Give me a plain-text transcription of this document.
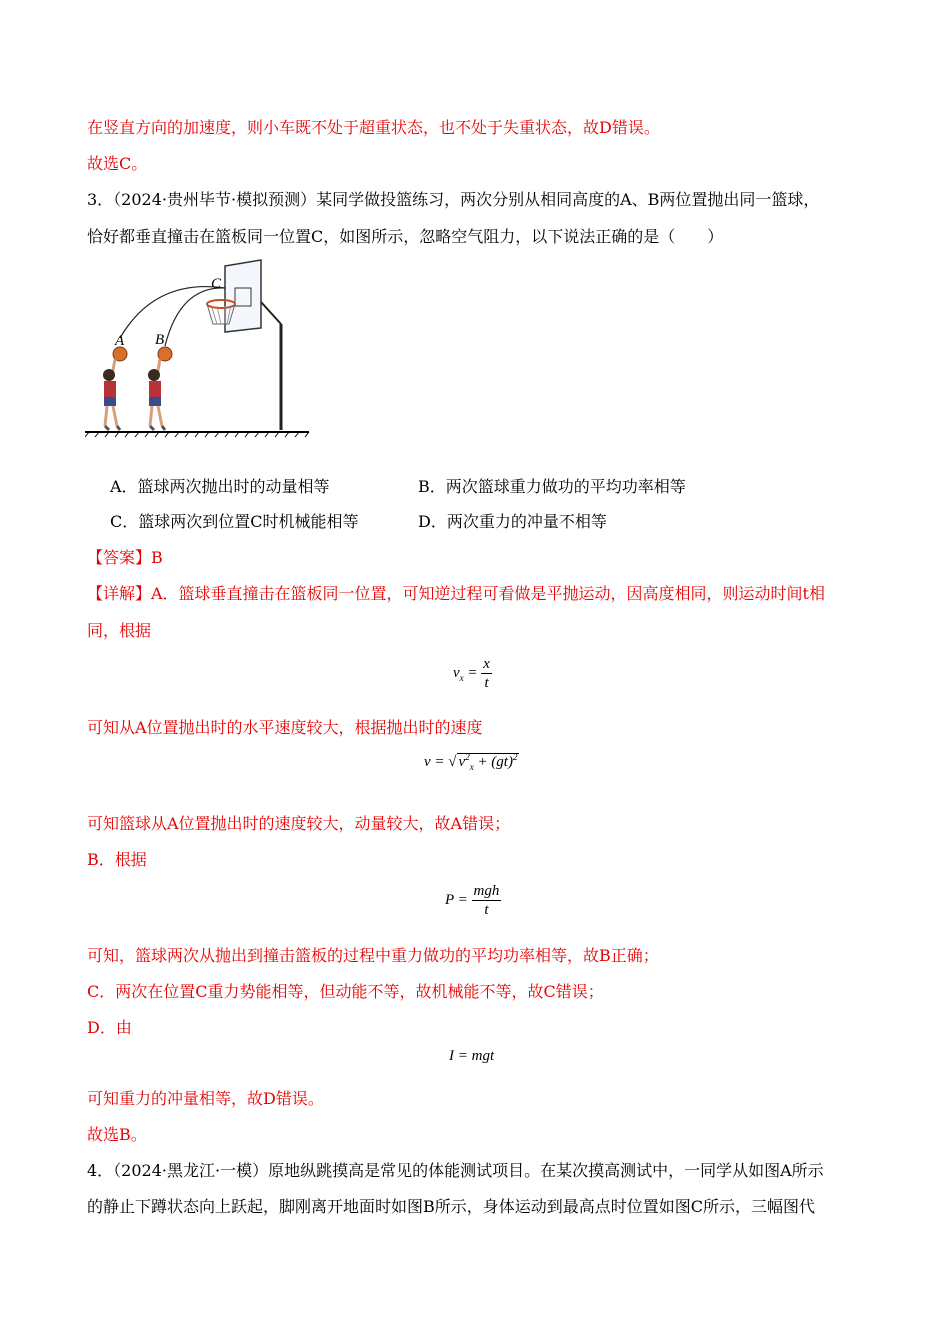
在竖直方向的加速度，则小车既不处于超重状态，也不处于失重状态，故D错误。
故选C。
3．（2024·贵州毕节·模拟预测）某同学做投篮练习，两次分别从相同高度的A、B两位置抛出同一篮球，
恰好都垂直撞击在篮板同一位置C，如图所示，忽略空气阻力，以下说法正确的是（　　）
A B
C
A．篮球两次抛出时的动量相等	B．两次篮球重力做功的平均功率相等
C．篮球两次到位置C时机械能相等	D．两次重力的冲量不相等
【答案】B
【详解】A．篮球垂直撞击在篮板同一位置，可知逆过程可看做是平抛运动，因高度相同，则运动时间t相
同，根据
$v_x = \frac{x}{t}$
可知从A位置抛出时的水平速度较大，根据抛出时的速度
v = √ $v^2_x + (gt)^2$
可知篮球从A位置抛出时的速度较大，动量较大，故A错误；
B．根据
$P = \frac{\text{mgh}}{t}$
可知，篮球两次从抛出到撞击篮板的过程中重力做功的平均功率相等，故B正确；
C．两次在位置C重力势能相等，但动能不等，故机械能不等，故C错误；
D．由
I = mgt
可知重力的冲量相等，故D错误。
故选B。
4．（2024·黑龙江·一模）原地纵跳摸高是常见的体能测试项目。在某次摸高测试中，一同学从如图A所示
的静止下蹲状态向上跃起，脚刚离开地面时如图B所示，身体运动到最高点时位置如图C所示，三幅图代
